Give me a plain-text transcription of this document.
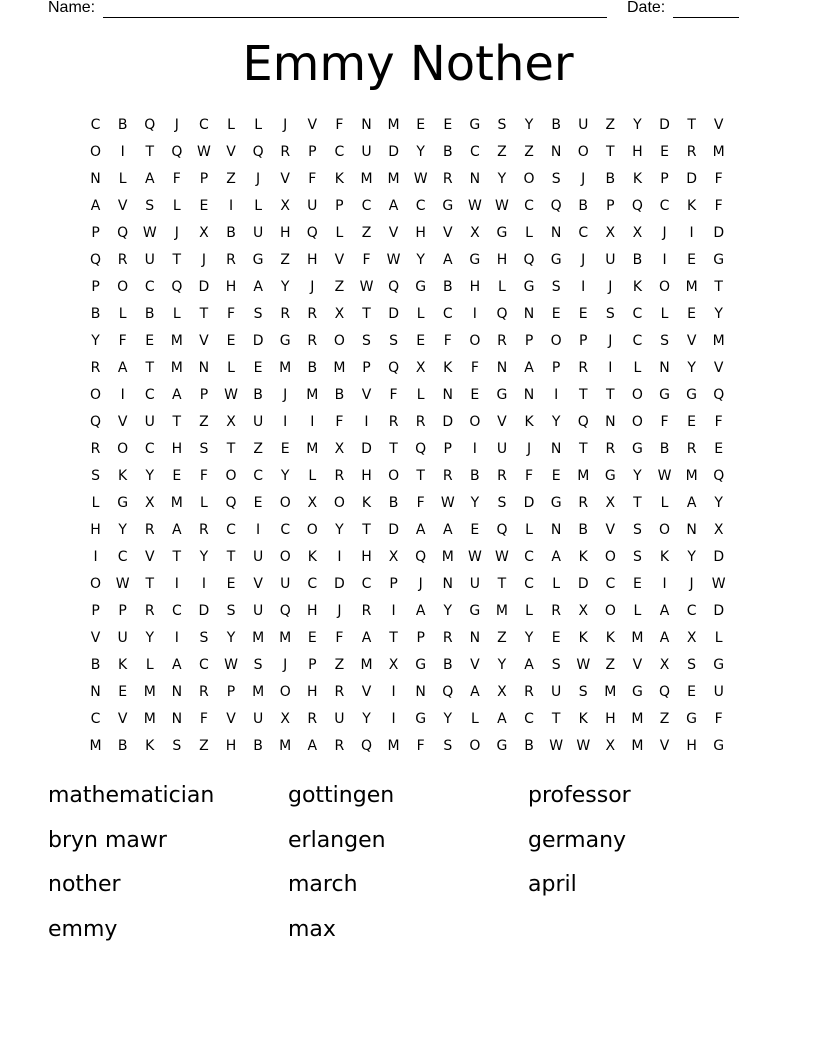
Name:	Date:
Emmy Nother
C	B	Q	J	C	L	L	J	V	F	N	M	E	E	G	S	Y	B	U	Z	Y	D	T	V
O	I	T	Q	W	V	Q	R	P	C	U	D	Y	B	C	Z	Z	N	O	T	H	E	R	M
N	L	A	F	P	Z	J	V	F	K	M	M	W	R	N	Y	O	S	J	B	K	P	D	F
A	V	S	L	E	I	L	X	U	P	C	A	C	G	W W	C	Q	B	P	Q	C	K	F
P	Q	W	J	X	B	U	H	Q	L	Z	V	H	V	X	G	L	N	C	X	X	J	I	D
Q	R	U	T	J	R	G	Z	H	V	F	W	Y	A	G	H	Q	G	J	U	B	I	E	G
P	O	C	Q	D	H	A	Y	J	Z	W	Q	G	B	H	L	G	S	I	J	K	O	M	T
B	L	B	L	T	F	S	R	R	X	T	D	L	C	I	Q	N	E	E	S	C	L	E	Y
Y	F	E	M	V	E	D	G	R	O	S	S	E	F	O	R	P	O	P	J	C	S	V	M
R	A	T	M	N	L	E	M	B	M	P	Q	X	K	F	N	A	P	R	I	L	N	Y	V
O	I	C	A	P	W	B	J	M	B	V	F	L	N	E	G	N	I	T	T	O	G	G	Q
Q	V	U	T	Z	X	U	I	I	F	I	R	R	D	O	V	K	Y	Q	N	O	F	E	F
R	O	C	H	S	T	Z	E	M	X	D	T	Q	P	I	U	J	N	T	R	G	B	R	E
S	K	Y	E	F	O	C	Y	L	R	H	O	T	R	B	R	F	E	M	G	Y	W	M	Q
L	G	X	M	L	Q	E	O	X	O	K	B	F	W	Y	S	D	G	R	X	T	L	A	Y
H	Y	R	A	R	C	I	C	O	Y	T	D	A	A	E	Q	L	N	B	V	S	O	N	X
I	C	V	T	Y	T	U	O	K	I	H	X	Q	M	W W	C	A	K	O	S	K	Y	D
O	W	T	I	I	E	V	U	C	D	C	P	J	N	U	T	C	L	D	C	E	I	J	W
P	P	R	C	D	S	U	Q	H	J	R	I	A	Y	G	M	L	R	X	O	L	A	C	D
V	U	Y	I	S	Y	M	M	E	F	A	T	P	R	N	Z	Y	E	K	K	M	A	X	L
B	K	L	A	C	W	S	J	P	Z	M	X	G	B	V	Y	A	S	W	Z	V	X	S	G
N	E	M	N	R	P	M	O	H	R	V	I	N	Q	A	X	R	U	S	M	G	Q	E	U
C	V	M	N	F	V	U	X	R	U	Y	I	G	Y	L	A	C	T	K	H	M	Z	G	F
M	B	K	S	Z	H	B	M	A	R	Q	M	F	S	O	G	B	W W	X	M	V	H	G
mathematician	gottingen	professor
bryn mawr	erlangen	germany
nother	march	april
emmy	max
